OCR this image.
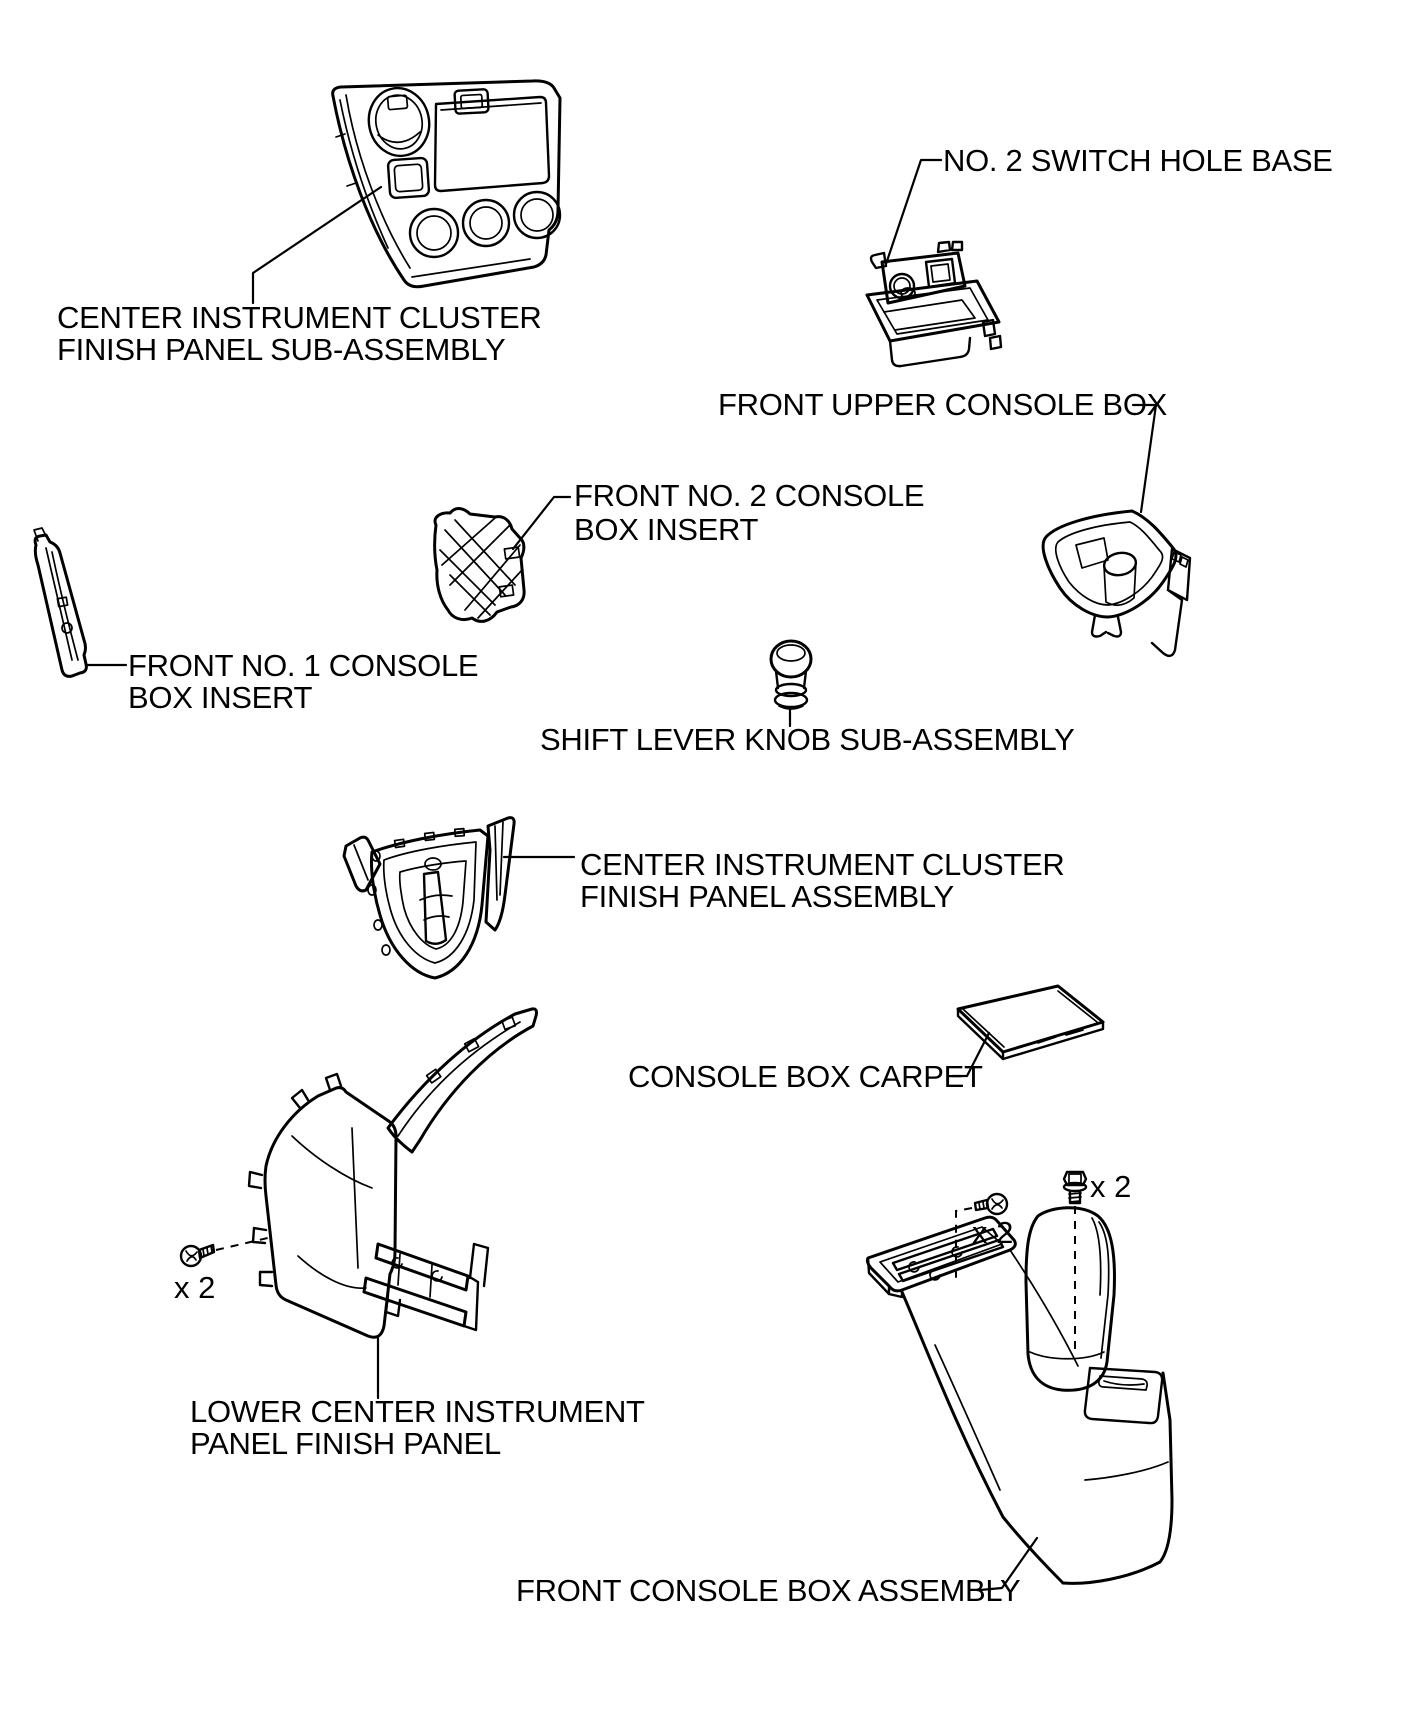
CENTER INSTRUMENT CLUSTER
FINISH PANEL SUB-ASSEMBLY
NO. 2 SWITCH HOLE BASE
FRONT UPPER CONSOLE BOX
FRONT NO. 2 CONSOLE
BOX INSERT
FRONT NO. 1 CONSOLE
BOX INSERT
SHIFT LEVER KNOB SUB-ASSEMBLY
CENTER INSTRUMENT CLUSTER
FINISH PANEL ASSEMBLY
CONSOLE BOX CARPET
LOWER CENTER INSTRUMENT
PANEL FINISH PANEL
x 2
x 2
x 2
FRONT CONSOLE BOX ASSEMBLY
